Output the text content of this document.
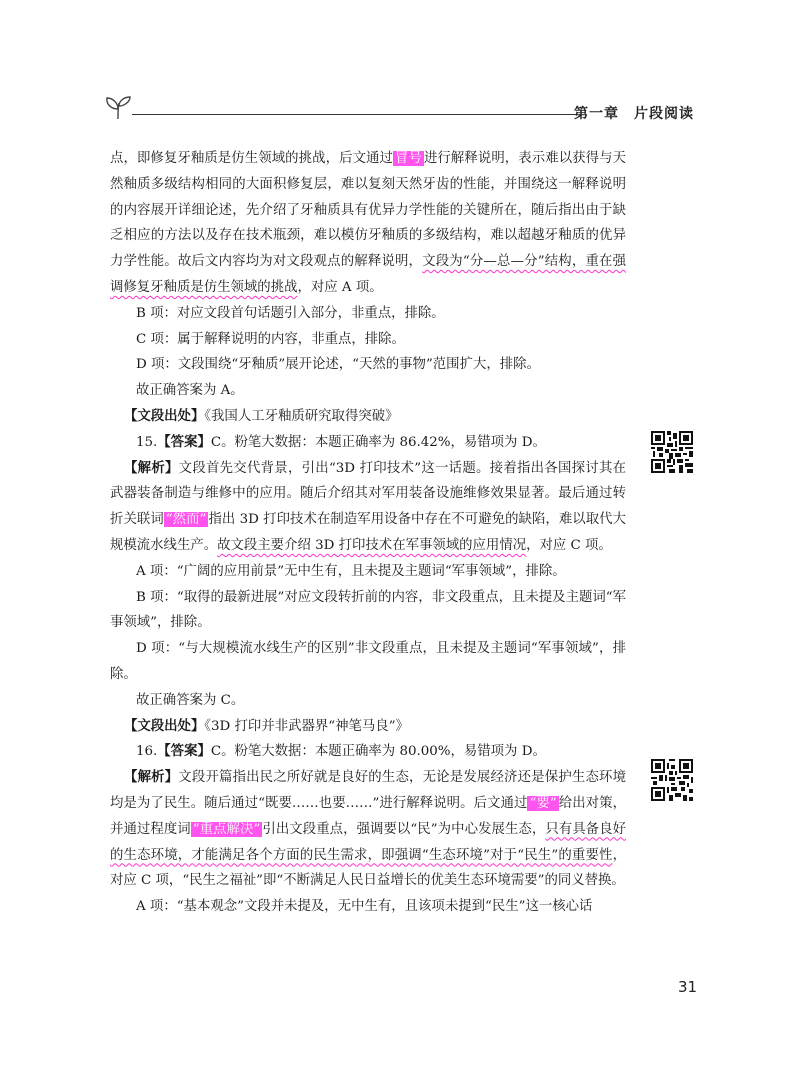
第一章　片段阅读

点，即修复牙釉质是仿生领域的挑战，后文通过 冒号 进行解释说明，表示难以获得与天然釉质多级结构相同的大面积修复层，难以复刻天然牙齿的性能，并围绕这一解释说明的内容展开详细论述，先介绍了牙釉质具有优异力学性能的关键所在，随后指出由于缺乏相应的方法以及存在技术瓶颈，难以模仿牙釉质的多级结构，难以超越牙釉质的优异力学性能。故后文内容均为对文段观点的解释说明，文段为“分—总—分”结构，重在强调修复牙釉质是仿生领域的挑战，对应 A 项。

B 项：对应文段首句话题引入部分，非重点，排除。

C 项：属于解释说明的内容，非重点，排除。

D 项：文段围绕“牙釉质”展开论述，“天然的事物”范围扩大，排除。

故正确答案为 A。

【文段出处】《我国人工牙釉质研究取得突破》

15.【答案】C。粉笔大数据：本题正确率为 86.42%，易错项为 D。

【解析】文段首先交代背景，引出“3D 打印技术”这一话题。接着指出各国探讨其在武器装备制造与维修中的应用。随后介绍其对军用装备设施维修效果显著。最后通过转折关联词 “然而” 指出 3D 打印技术在制造军用设备中存在不可避免的缺陷，难以取代大规模流水线生产。故文段主要介绍 3D 打印技术在军事领域的应用情况，对应 C 项。

A 项：“广阔的应用前景”无中生有，且未提及主题词“军事领域”，排除。

B 项：“取得的最新进展”对应文段转折前的内容，非文段重点，且未提及主题词“军事领域”，排除。

D 项：“与大规模流水线生产的区别”非文段重点，且未提及主题词“军事领域”，排除。

故正确答案为 C。

【文段出处】《3D 打印并非武器界“神笔马良”》

16.【答案】C。粉笔大数据：本题正确率为 80.00%，易错项为 D。

【解析】文段开篇指出民之所好就是良好的生态，无论是发展经济还是保护生态环境均是为了民生。随后通过“既要……也要……”进行解释说明。后文通过 “要” 给出对策，并通过程度词 “重点解决” 引出文段重点，强调要以“民”为中心发展生态，只有具备良好的生态环境，才能满足各个方面的民生需求，即强调“生态环境”对于“民生”的重要性，对应 C 项，“民生之福祉”即“不断满足人民日益增长的优美生态环境需要”的同义替换。

A 项：“基本观念”文段并未提及，无中生有，且该项未提到“民生”这一核心话

31
